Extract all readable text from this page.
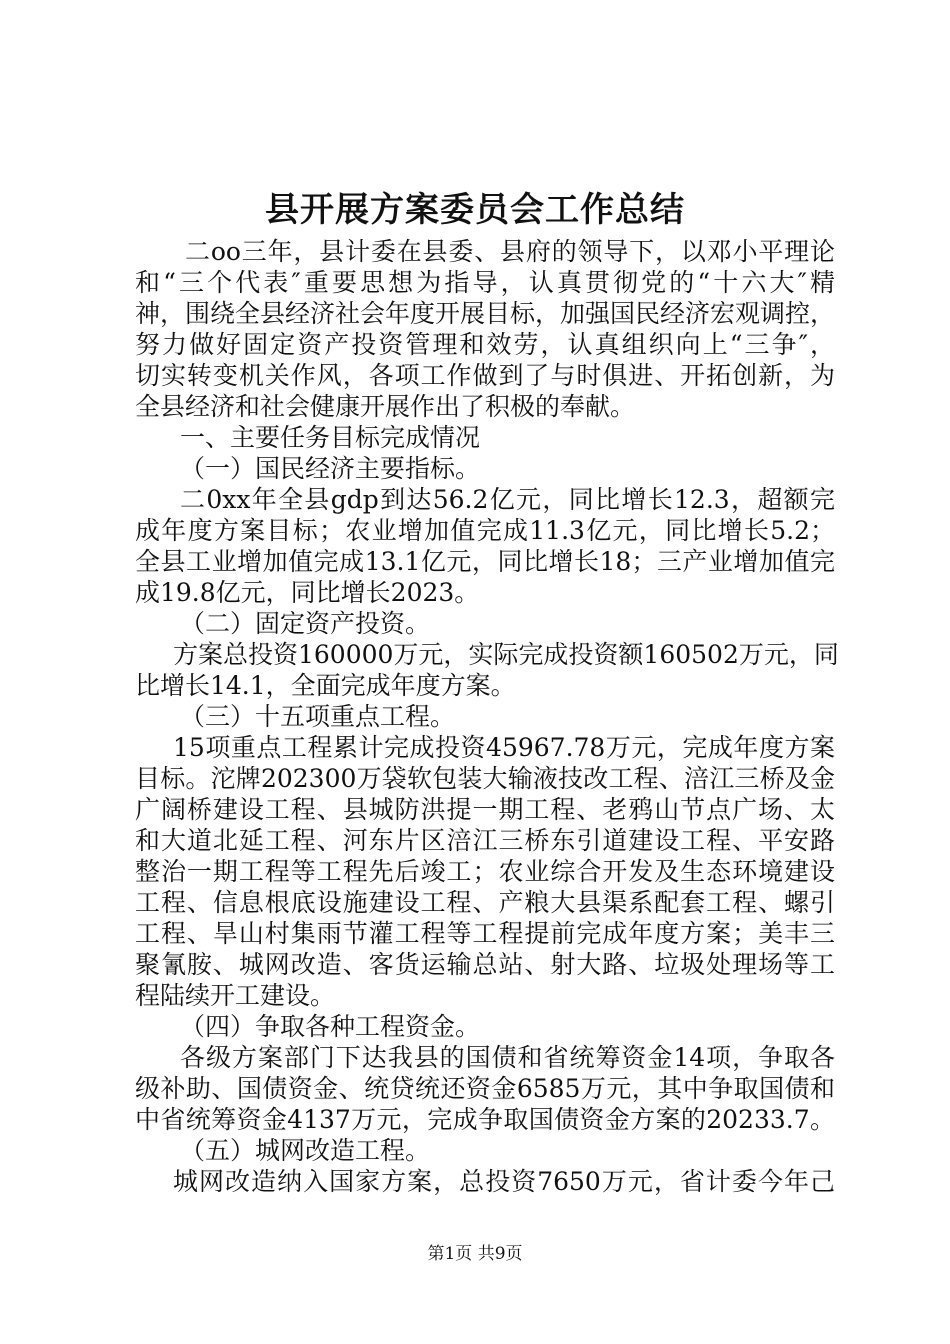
县开展方案委员会工作总结
二oo三年，县计委在县委、县府的领导下，以邓小平理论
和“三个代表″重要思想为指导，认真贯彻党的“十六大″精
神，围绕全县经济社会年度开展目标，加强国民经济宏观调控，
努力做好固定资产投资管理和效劳，认真组织向上“三争″，
切实转变机关作风，各项工作做到了与时俱进、开拓创新，为
全县经济和社会健康开展作出了积极的奉献。
一、主要任务目标完成情况
（一）国民经济主要指标。
二0xx年全县gdp到达56.2亿元，同比增长12.3，超额完
成年度方案目标；农业增加值完成11.3亿元，同比增长5.2；
全县工业增加值完成13.1亿元，同比增长18；三产业增加值完
成19.8亿元，同比增长2023。
（二）固定资产投资。
方案总投资160000万元，实际完成投资额160502万元，同
比增长14.1，全面完成年度方案。
（三）十五项重点工程。
15项重点工程累计完成投资45967.78万元，完成年度方案
目标。沱牌202300万袋软包装大输液技改工程、涪江三桥及金
广阔桥建设工程、县城防洪提一期工程、老鸦山节点广场、太
和大道北延工程、河东片区涪江三桥东引道建设工程、平安路
整治一期工程等工程先后竣工；农业综合开发及生态环境建设
工程、信息根底设施建设工程、产粮大县渠系配套工程、螺引
工程、旱山村集雨节灌工程等工程提前完成年度方案；美丰三
聚氰胺、城网改造、客货运输总站、射大路、垃圾处理场等工
程陆续开工建设。
（四）争取各种工程资金。
各级方案部门下达我县的国债和省统筹资金14项，争取各
级补助、国债资金、统贷统还资金6585万元，其中争取国债和
中省统筹资金4137万元，完成争取国债资金方案的20233.7。
（五）城网改造工程。
城网改造纳入国家方案，总投资7650万元，省计委今年己
第1页 共9页
